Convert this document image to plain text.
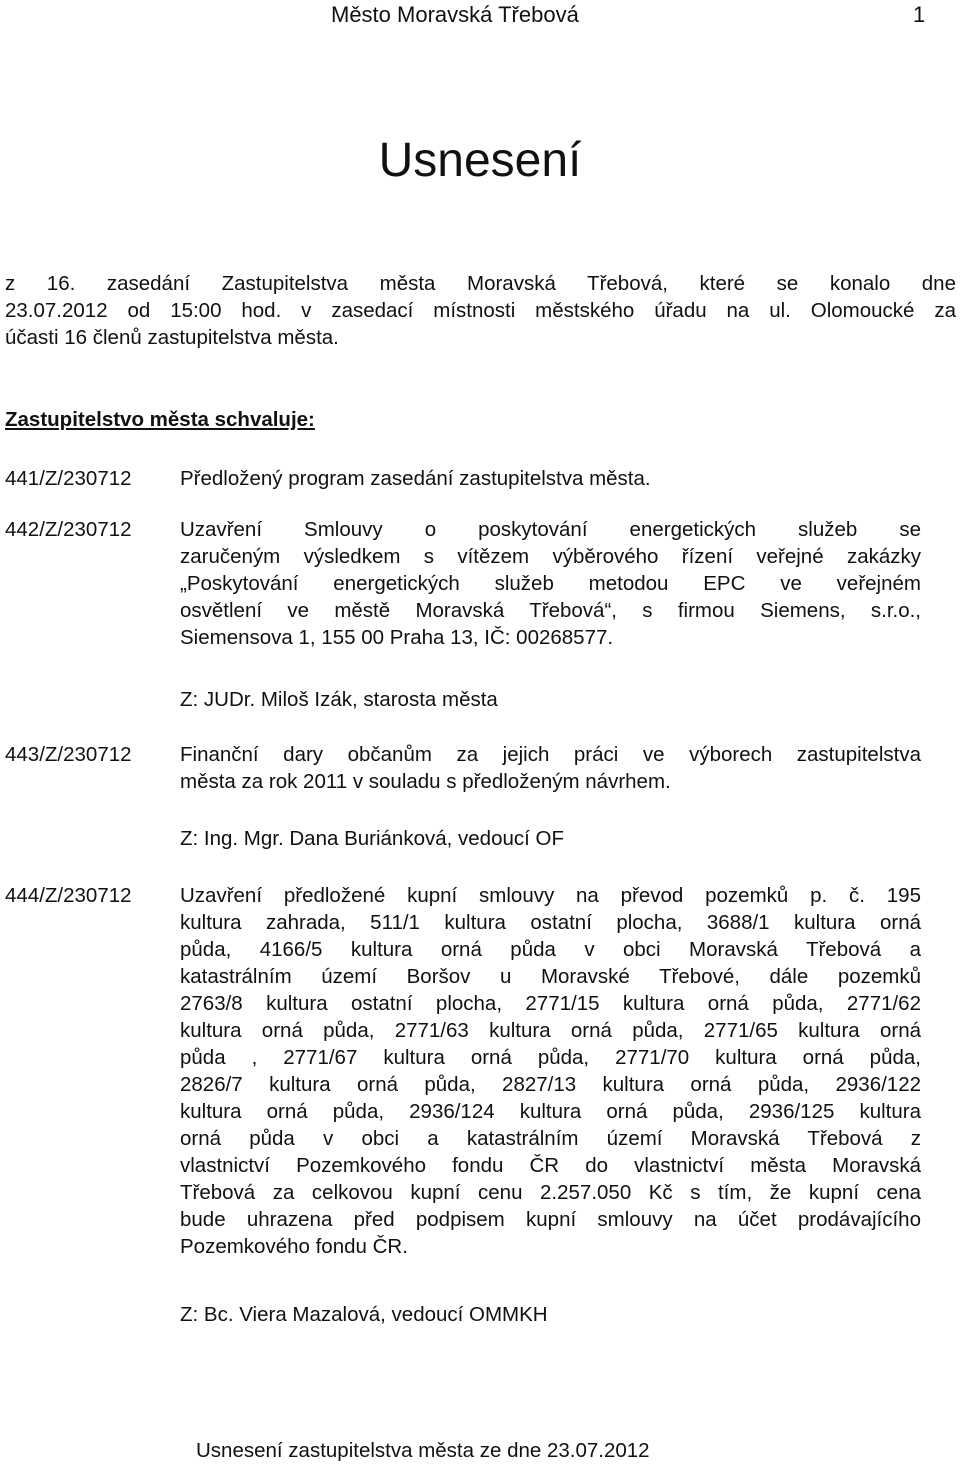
Město Moravská Třebová	1
Usnesení
z 16. zasedání Zastupitelstva města Moravská Třebová, které se konalo dne
23.07.2012 od 15:00 hod. v zasedací místnosti městského úřadu na ul. Olomoucké za
účasti 16 členů zastupitelstva města.
Zastupitelstvo města schvaluje:
441/Z/230712 Předložený program zasedání zastupitelstva města.
442/Z/230712 Uzavření Smlouvy o poskytování energetických služeb se
zaručeným výsledkem s vítězem výběrového řízení veřejné zakázky
„Poskytování energetických služeb metodou EPC ve veřejném
osvětlení ve městě Moravská Třebová“, s firmou Siemens, s.r.o.,
Siemensova 1, 155 00 Praha 13, IČ: 00268577.
Z: JUDr. Miloš Izák, starosta města
443/Z/230712 Finanční dary občanům za jejich práci ve výborech zastupitelstva
města za rok 2011 v souladu s předloženým návrhem.
Z: Ing. Mgr. Dana Buriánková, vedoucí OF
444/Z/230712 Uzavření předložené kupní smlouvy na převod pozemků p. č. 195
kultura zahrada, 511/1 kultura ostatní plocha, 3688/1 kultura orná
půda, 4166/5 kultura orná půda v obci Moravská Třebová a
katastrálním území Boršov u Moravské Třebové, dále pozemků
2763/8 kultura ostatní plocha, 2771/15 kultura orná půda, 2771/62
kultura orná půda, 2771/63 kultura orná půda, 2771/65 kultura orná
půda , 2771/67 kultura orná půda, 2771/70 kultura orná půda,
2826/7 kultura orná půda, 2827/13 kultura orná půda, 2936/122
kultura orná půda, 2936/124 kultura orná půda, 2936/125 kultura
orná půda v obci a katastrálním území Moravská Třebová z
vlastnictví Pozemkového fondu ČR do vlastnictví města Moravská
Třebová za celkovou kupní cenu 2.257.050 Kč s tím, že kupní cena
bude uhrazena před podpisem kupní smlouvy na účet prodávajícího
Pozemkového fondu ČR.
Z: Bc. Viera Mazalová, vedoucí OMMKH
Usnesení zastupitelstva města ze dne 23.07.2012
